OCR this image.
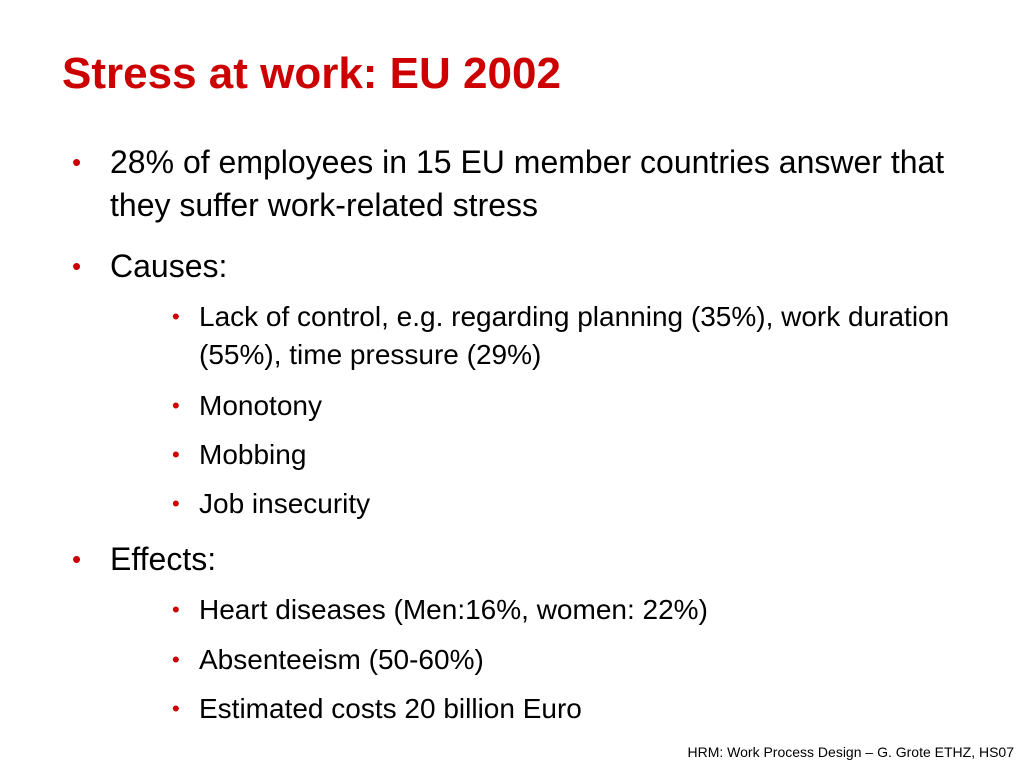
Stress at work: EU 2002
• 28% of employees in 15 EU member countries answer that they suffer work-related stress
• Causes:
• Lack of control, e.g. regarding planning (35%), work duration (55%), time pressure (29%)
• Monotony
• Mobbing
• Job insecurity
• Effects:
• Heart diseases (Men:16%, women: 22%)
• Absenteeism (50-60%)
• Estimated costs 20 billion Euro
HRM: Work Process Design – G. Grote ETHZ, HS07
